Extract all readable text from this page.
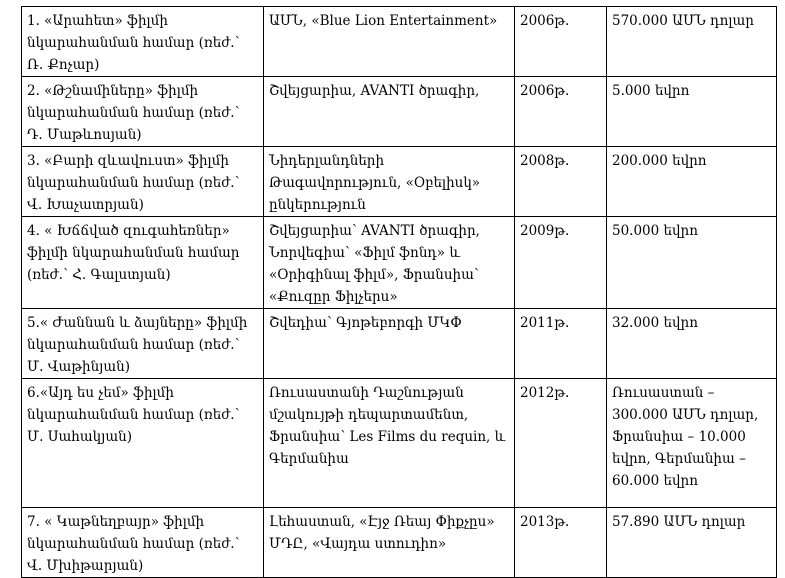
1. «Արահետ» ֆիլմի նկարահանման համար (ռեժ.՝ Ռ. Քոչար)	ԱՄՆ, «Blue Lion Entertainment»	2006թ.	570.000 ԱՄՆ դոլար

2. «Թշնամիները» ֆիլմի նկարահանման համար (ռեժ.՝ Դ. Մաթևոսյան)	Շվեյցարիա, AVANTI ծրագիր,	2006թ.	5.000 եվրո

3. «Բարի զևավուստ» ֆիլմի նկարահանման համար (ռեժ.՝ Վ. Խաչատրյան)	Նիդերլանդների Թագավորություն, «Օբելիսկ» ընկերություն	2008թ.	200.000 եվրո

4. « Խճճված զուգահեռներ» ֆիլմի նկարահանման համար (ռեժ.՝ Հ. Գալստյան)	Շվեյցարիա՝ AVANTI ծրագիր, Նորվեգիա՝ «Ֆիլմ ֆոնդ» և «Օրիգինալ ֆիլմ», Ֆրանսիա՝ «Քուզըր Ֆիլչերս»	2009թ.	50.000 եվրո

5.« Ժաննան և ձայները» ֆիլմի նկարահանման համար (ռեժ.՝ Մ. Վաթինյան)	Շվեդիա՝ Գյոթեբորգի ՄԿՓ	2011թ.	32.000 եվրո

6.«Այդ ես չեմ» ֆիլմի նկարահանման համար (ռեժ.՝ Մ. Սահակյան)	Ռուսաստանի Դաշնության մշակույթի դեպարտամենտ, Ֆրանսիա՝ Les Films du requin, և Գերմանիա	2012թ.	Ռուսաստան – 300.000 ԱՄՆ դոլար, Ֆրանսիա – 10.000 եվրո, Գերմանիա – 60.000 եվրո

7. « Կաթնեղբայր» ֆիլմի նկարահանման համար (ռեժ.՝ Վ. Մխիթարյան)	Լեհաստան, «Էյջ Ռեայ Փիքչըս» ՄԴԸ, «Վայդա ստուդիո»	2013թ.	57.890 ԱՄՆ դոլար
